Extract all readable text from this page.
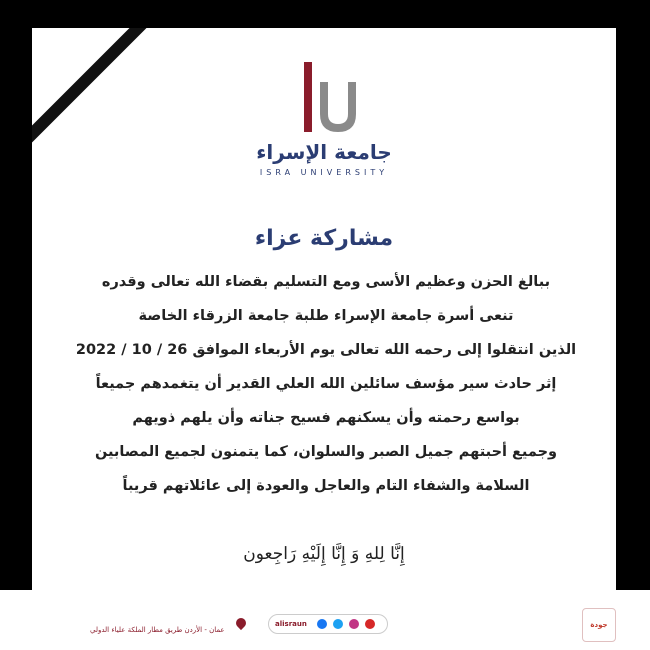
جامعة الإسراء
ISRA UNIVERSITY
مشاركة عزاء
ببالغ الحزن وعظيم الأسى ومع التسليم بقضاء الله تعالى وقدره
تنعى أسرة جامعة الإسراء طلبة جامعة الزرقاء الخاصة
الذين انتقلوا إلى رحمه الله تعالى يوم الأربعاء الموافق 26 / 10 / 2022
إثر حادث سير مؤسف سائلين الله العلي القدير أن يتغمدهم جميعاً
بواسع رحمته وأن يسكنهم فسيح جناته وأن يلهم ذويهم
وجميع أحبتهم جميل الصبر والسلوان، كما يتمنون لجميع المصابين
السلامة والشفاء التام والعاجل والعودة إلى عائلاتهم قريباً
إِنَّا لِلهِ وَ إِنَّا إِلَيْهِ رَاجِعون
عمان - الأردن طريق مطار الملكة علياء الدولي
alisraun	جودة
